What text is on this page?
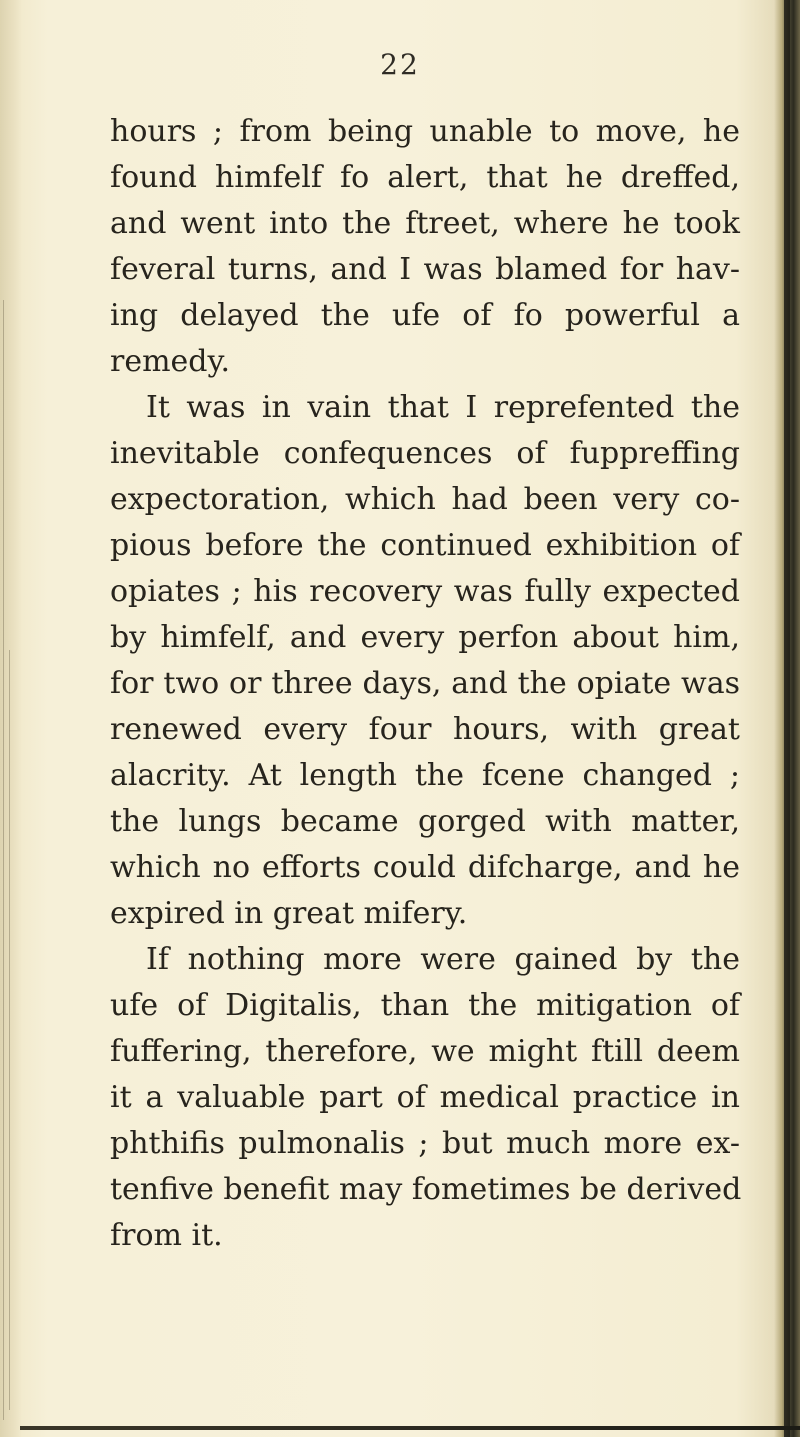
22
hours ; from being unable to move, he
found himfelf fo alert, that he dreffed,
and went into the ftreet, where he took
feveral turns, and I was blamed for hav-
ing delayed the ufe of fo powerful a
remedy.
It was in vain that I reprefented the
inevitable confequences of fuppreffing
expectoration, which had been very co-
pious before the continued exhibition of
opiates ; his recovery was fully expected
by himfelf, and every perfon about him,
for two or three days, and the opiate was
renewed every four hours, with great
alacrity. At length the fcene changed ;
the lungs became gorged with matter,
which no efforts could difcharge, and he
expired in great mifery.
If nothing more were gained by the
ufe of Digitalis, than the mitigation of
fuffering, therefore, we might ftill deem
it a valuable part of medical practice in
phthifis pulmonalis ; but much more ex-
tenfive benefit may fometimes be derived
from it.
